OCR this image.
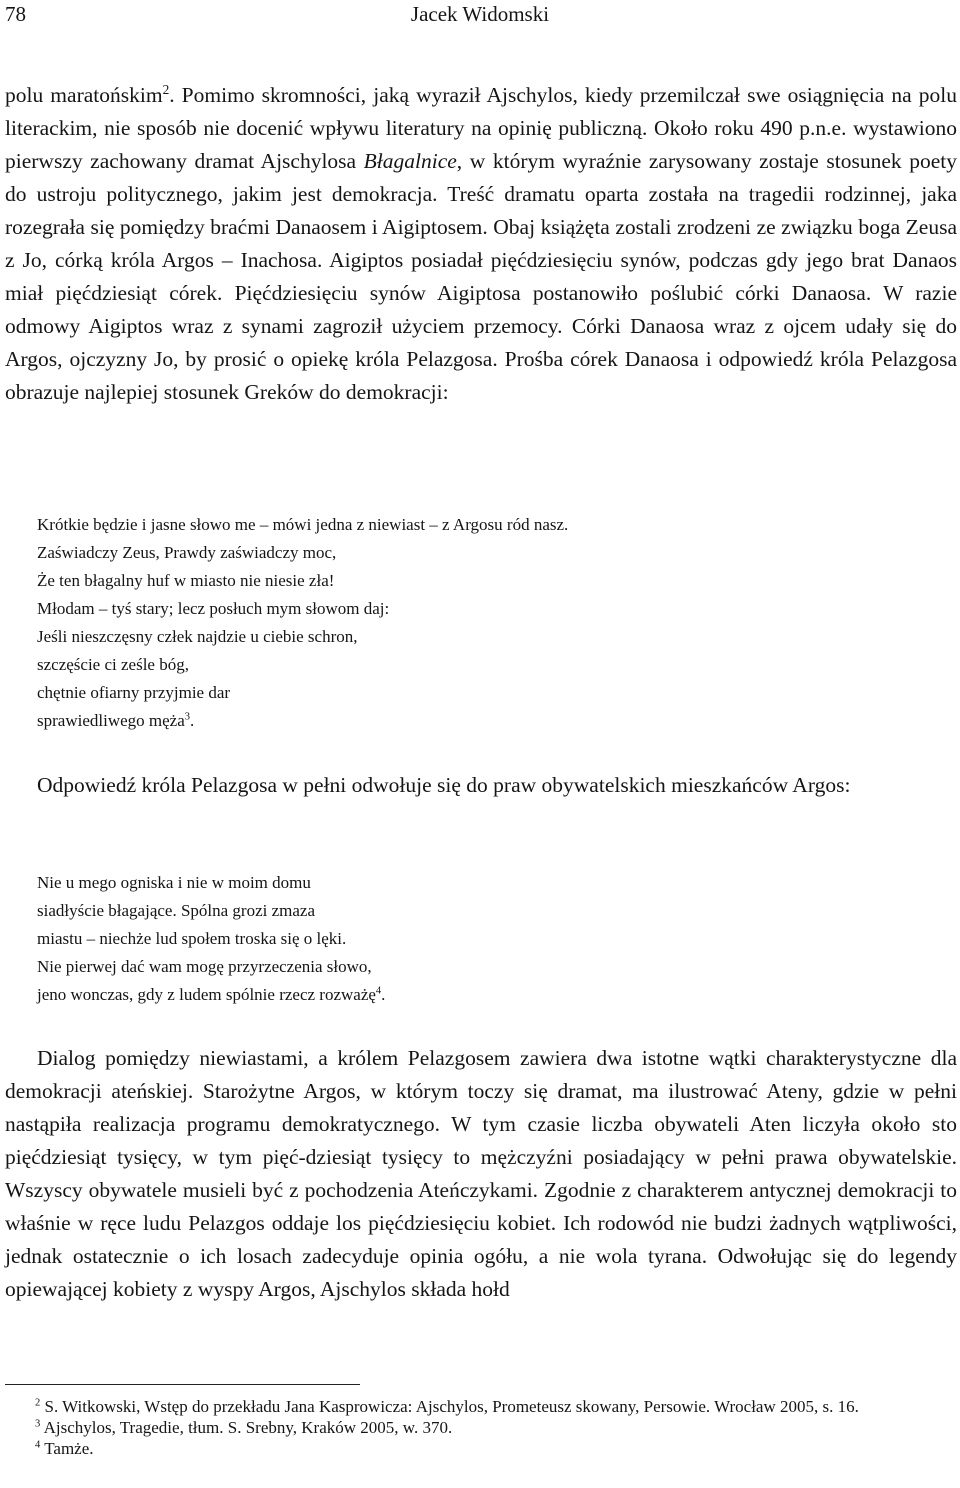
78	Jacek Widomski

polu maratońskim$^2$. Pomimo skromności, jaką wyraził Ajschylos, kiedy przemilczał swe osiągnięcia na polu literackim, nie sposób nie docenić wpływu literatury na opinię publiczną. Około roku 490 p.n.e. wystawiono pierwszy zachowany dramat Ajschylosa Błagalnice, w którym wyraźnie zarysowany zostaje stosunek poety do ustroju politycznego, jakim jest demokracja. Treść dramatu oparta została na tragedii rodzinnej, jaka rozegrała się pomiędzy braćmi Danaosem i Aigiptosem. Obaj książęta zostali zrodzeni ze związku boga Zeusa z Jo, córką króla Argos – Inachosa. Aigiptos posiadał pięćdziesięciu synów, podczas gdy jego brat Danaos miał pięćdziesiąt córek. Pięćdziesięciu synów Aigiptosa postanowiło poślubić córki Danaosa. W razie odmowy Aigiptos wraz z synami zagroził użyciem przemocy. Córki Danaosa wraz z ojcem udały się do Argos, ojczyzny Jo, by prosić o opiekę króla Pelazgosa. Prośba córek Danaosa i odpowiedź króla Pelazgosa obrazuje najlepiej stosunek Greków do demokracji:

Krótkie będzie i jasne słowo me – mówi jedna z niewiast – z Argosu ród nasz.
Zaświadczy Zeus, Prawdy zaświadczy moc,
Że ten błagalny huf w miasto nie niesie zła!
Młodam – tyś stary; lecz posłuch mym słowom daj:
Jeśli nieszczęsny człek najdzie u ciebie schron,
szczęście ci ześle bóg,
chętnie ofiarny przyjmie dar
sprawiedliwego męża$^3$.

Odpowiedź króla Pelazgosa w pełni odwołuje się do praw obywatelskich mieszkańców Argos:

Nie u mego ogniska i nie w moim domu
siadłyście błagające. Spólna grozi zmaza
miastu – niechże lud społem troska się o lęki.
Nie pierwej dać wam mogę przyrzeczenia słowo,
jeno wonczas, gdy z ludem spólnie rzecz rozważę$^4$.

Dialog pomiędzy niewiastami, a królem Pelazgosem zawiera dwa istotne wątki charakterystyczne dla demokracji ateńskiej. Starożytne Argos, w którym toczy się dramat, ma ilustrować Ateny, gdzie w pełni nastąpiła realizacja programu demokratycznego. W tym czasie liczba obywateli Aten liczyła około sto pięćdziesiąt tysięcy, w tym pięć-dziesiąt tysięcy to mężczyźni posiadający w pełni prawa obywatelskie. Wszyscy obywatele musieli być z pochodzenia Ateńczykami. Zgodnie z charakterem antycznej demokracji to właśnie w ręce ludu Pelazgos oddaje los pięćdziesięciu kobiet. Ich rodowód nie budzi żadnych wątpliwości, jednak ostatecznie o ich losach zadecyduje opinia ogółu, a nie wola tyrana. Odwołując się do legendy opiewającej kobiety z wyspy Argos, Ajschylos składa hołd

$^2$ S. Witkowski, Wstęp do przekładu Jana Kasprowicza: Ajschylos, Prometeusz skowany, Persowie. Wrocław 2005, s. 16.
$^3$ Ajschylos, Tragedie, tłum. S. Srebny, Kraków 2005, w. 370.
$^4$ Tamże.
